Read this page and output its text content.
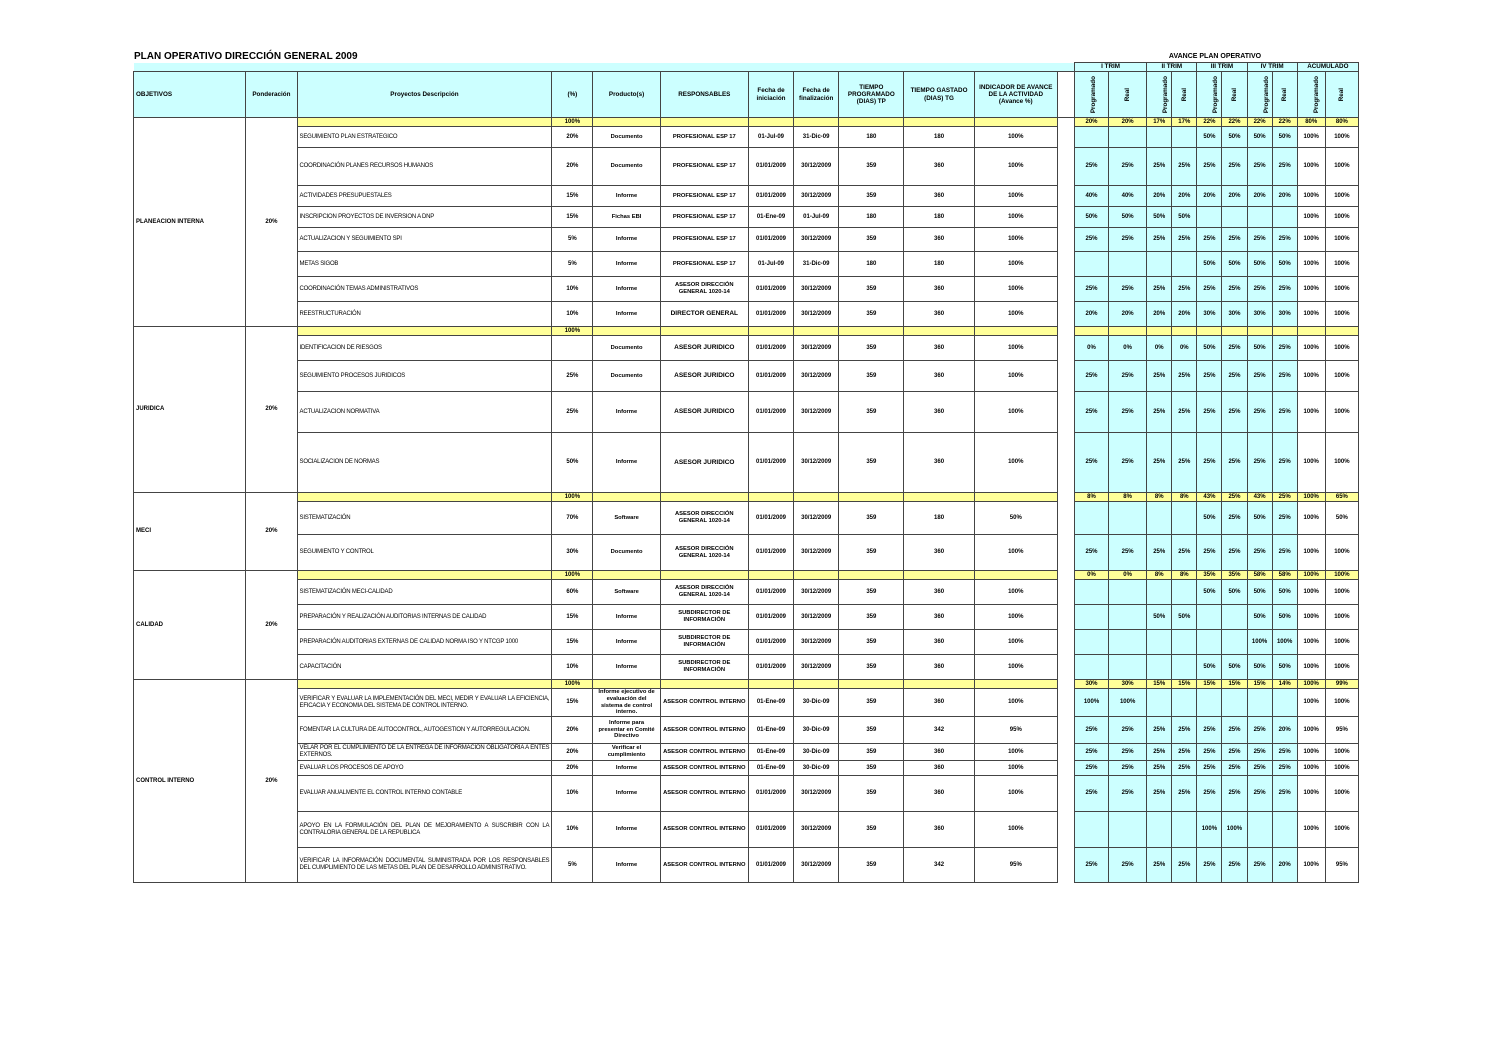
PLAN OPERATIVO DIRECCIÓN GENERAL 2009	AVANCE PLAN OPERATIVO
												I TRIM		II TRIM		III TRIM		IV TRIM		ACUMULADO	
OBJETIVOS	Ponderación	Proyectos Descripción	(%)	Producto(s)	RESPONSABLES	Fecha de iniciación	Fecha de finalización	TIEMPO PROGRAMADO (DIAS) TP	TIEMPO GASTADO (DIAS) TG	INDICADOR DE AVANCE DE LA ACTIVIDAD (Avance %)		Programado	Real	Programado	Real	Programado	Real	Programado	Real	Programado	Real
PLANEACION INTERNA	20%		100%									20%	20%	17%	17%	22%	22%	22%	22%	80%	80%
		SEGUIMIENTO PLAN ESTRATEGICO	20%	Documento	PROFESIONAL ESP 17	01-Jul-09	31-Dic-09	180	180	100%						50%	50%	50%	50%	100%	100%
		COORDINACIÓN PLANES RECURSOS HUMANOS	20%	Documento	PROFESIONAL ESP 17	01/01/2009	30/12/2009	359	360	100%		25%	25%	25%	25%	25%	25%	25%	25%	100%	100%
		ACTIVIDADES PRESUPUESTALES	15%	Informe	PROFESIONAL ESP 17	01/01/2009	30/12/2009	359	360	100%		40%	40%	20%	20%	20%	20%	20%	20%	100%	100%
		INSCRIPCION PROYECTOS DE INVERSION A DNP	15%	Fichas EBI	PROFESIONAL ESP 17	01-Ene-09	01-Jul-09	180	180	100%		50%	50%	50%	50%					100%	100%
		ACTUALIZACION Y SEGUIMIENTO SPI	5%	Informe	PROFESIONAL ESP 17	01/01/2009	30/12/2009	359	360	100%		25%	25%	25%	25%	25%	25%	25%	25%	100%	100%
		METAS SIGOB	5%	Informe	PROFESIONAL ESP 17	01-Jul-09	31-Dic-09	180	180	100%						50%	50%	50%	50%	100%	100%
		COORDINACIÓN TEMAS ADMINISTRATIVOS	10%	Informe	ASESOR DIRECCIÓN GENERAL 1020-14	01/01/2009	30/12/2009	359	360	100%		25%	25%	25%	25%	25%	25%	25%	25%	100%	100%
		REESTRUCTURACIÓN	10%	Informe	DIRECTOR GENERAL	01/01/2009	30/12/2009	359	360	100%		20%	20%	20%	20%	30%	30%	30%	30%	100%	100%
JURIDICA	20%		100%																		
		IDENTIFICACION DE RIESGOS		Documento	ASESOR JURIDICO	01/01/2009	30/12/2009	359	360	100%		0%	0%	0%	0%	50%	25%	50%	25%	100%	100%
		SEGUIMIENTO PROCESOS JURIDICOS	25%	Documento	ASESOR JURIDICO	01/01/2009	30/12/2009	359	360	100%		25%	25%	25%	25%	25%	25%	25%	25%	100%	100%
		ACTUALIZACION NORMATIVA	25%	Informe	ASESOR JURIDICO	01/01/2009	30/12/2009	359	360	100%		25%	25%	25%	25%	25%	25%	25%	25%	100%	100%
		SOCIALIZACION DE NORMAS	50%	Informe	ASESOR JURIDICO	01/01/2009	30/12/2009	359	360	100%		25%	25%	25%	25%	25%	25%	25%	25%	100%	100%
MECI	20%		100%									8%	8%	8%	8%	43%	25%	43%	25%	100%	65%
		SISTEMATIZACIÓN	70%	Software	ASESOR DIRECCIÓN GENERAL 1020-14	01/01/2009	30/12/2009	359	180	50%						50%	25%	50%	25%	100%	50%
		SEGUIMIENTO Y CONTROL	30%	Documento	ASESOR DIRECCIÓN GENERAL 1020-14	01/01/2009	30/12/2009	359	360	100%		25%	25%	25%	25%	25%	25%	25%	25%	100%	100%
CALIDAD	20%		100%									0%	0%	8%	8%	35%	35%	58%	58%	100%	100%
		SISTEMATIZACIÓN MECI-CALIDAD	60%	Software	ASESOR DIRECCIÓN GENERAL 1020-14	01/01/2009	30/12/2009	359	360	100%						50%	50%	50%	50%	100%	100%
		PREPARACIÓN Y REALIZACIÓN AUDITORIAS INTERNAS DE CALIDAD	15%	Informe	SUBDIRECTOR DE INFORMACIÓN	01/01/2009	30/12/2009	359	360	100%				50%	50%			50%	50%	100%	100%
		PREPARACIÓN AUDITORIAS EXTERNAS DE CALIDAD NORMA ISO Y NTCGP 1000	15%	Informe	SUBDIRECTOR DE INFORMACIÓN	01/01/2009	30/12/2009	359	360	100%								100%	100%	100%	100%
		CAPACITACIÓN	10%	Informe	SUBDIRECTOR DE INFORMACIÓN	01/01/2009	30/12/2009	359	360	100%						50%	50%	50%	50%	100%	100%
CONTROL INTERNO	20%		100%									30%	30%	15%	15%	15%	15%	15%	14%	100%	99%
		VERIFICAR Y EVALUAR LA IMPLEMENTACIÓN DEL MECI, MEDIR Y EVALUAR LA EFICIENCIA, EFICACIA Y ECONOMIA DEL SISTEMA DE CONTROL INTERNO.	15%	Informe ejecutivo de evaluación del sistema de control interno.	ASESOR CONTROL INTERNO	01-Ene-09	30-Dic-09	359	360	100%		100%	100%							100%	100%
		FOMENTAR LA CULTURA DE AUTOCONTROL, AUTOGESTION Y AUTORREGULACION.	20%	Informe para presentar en Comité Directivo	ASESOR CONTROL INTERNO	01-Ene-09	30-Dic-09	359	342	95%		25%	25%	25%	25%	25%	25%	25%	20%	100%	95%
		VELAR POR EL CUMPLIMIENTO DE LA ENTREGA DE INFORMACION OBLIGATORIA A ENTES EXTERNOS.	20%	Verificar el cumplimiento	ASESOR CONTROL INTERNO	01-Ene-09	30-Dic-09	359	360	100%		25%	25%	25%	25%	25%	25%	25%	25%	100%	100%
		EVALUAR LOS PROCESOS DE APOYO	20%	Informe	ASESOR CONTROL INTERNO	01-Ene-09	30-Dic-09	359	360	100%		25%	25%	25%	25%	25%	25%	25%	25%	100%	100%
		EVALUAR ANUALMENTE EL CONTROL INTERNO CONTABLE	10%	Informe	ASESOR CONTROL INTERNO	01/01/2009	30/12/2009	359	360	100%		25%	25%	25%	25%	25%	25%	25%	25%	100%	100%
		APOYO EN LA FORMULACIÓN DEL PLAN DE MEJORAMIENTO A SUSCRIBIR CON LA CONTRALORIA GENERAL DE LA REPUBLICA	10%	Informe	ASESOR CONTROL INTERNO	01/01/2009	30/12/2009	359	360	100%						100%	100%			100%	100%
		VERIFICAR LA INFORMACIÓN DOCUMENTAL SUMINISTRADA POR LOS RESPONSABLES DEL CUMPLIMIENTO DE LAS METAS DEL PLAN DE DESARROLLO ADMINISTRATIVO.	5%	Informe	ASESOR CONTROL INTERNO	01/01/2009	30/12/2009	359	342	95%		25%	25%	25%	25%	25%	25%	25%	20%	100%	95%
